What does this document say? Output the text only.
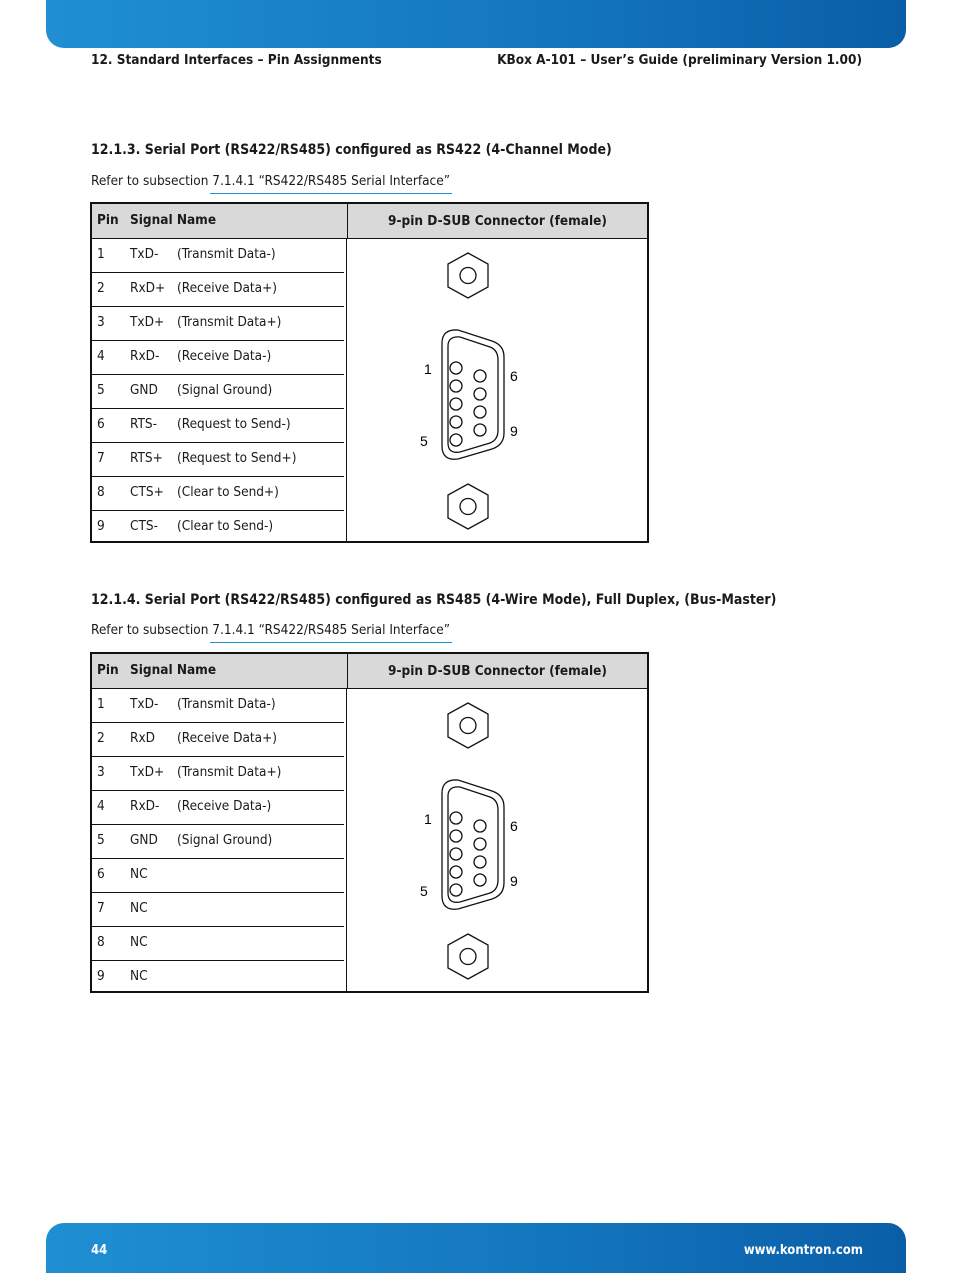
12. Standard Interfaces – Pin Assignments	KBox A-101 – User’s Guide (preliminary Version 1.00)
12.1.3. Serial Port (RS422/RS485) configured as RS422 (4-Channel Mode)
Refer to subsection 7.1.4.1 “RS422/RS485 Serial Interface”
Pin Signal Name	9-pin D-SUB Connector (female)
1 TxD- (Transmit Data-)
2 RxD+ (Receive Data+)
3 TxD+ (Transmit Data+)
4 RxD- (Receive Data-)
5 GND (Signal Ground)
6 RTS- (Request to Send-)
7 RTS+ (Request to Send+)
8 CTS+ (Clear to Send+)
9 CTS- (Clear to Send-)
1
5
6
9
12.1.4. Serial Port (RS422/RS485) configured as RS485 (4-Wire Mode), Full Duplex, (Bus-Master)
Refer to subsection 7.1.4.1 “RS422/RS485 Serial Interface”
Pin Signal Name	9-pin D-SUB Connector (female)
1 TxD- (Transmit Data-)
2 RxD (Receive Data+)
3 TxD+ (Transmit Data+)
4 RxD- (Receive Data-)
5 GND (Signal Ground)
6 NC
7 NC
8 NC
9 NC
1
5
6
9
44	www.kontron.com
